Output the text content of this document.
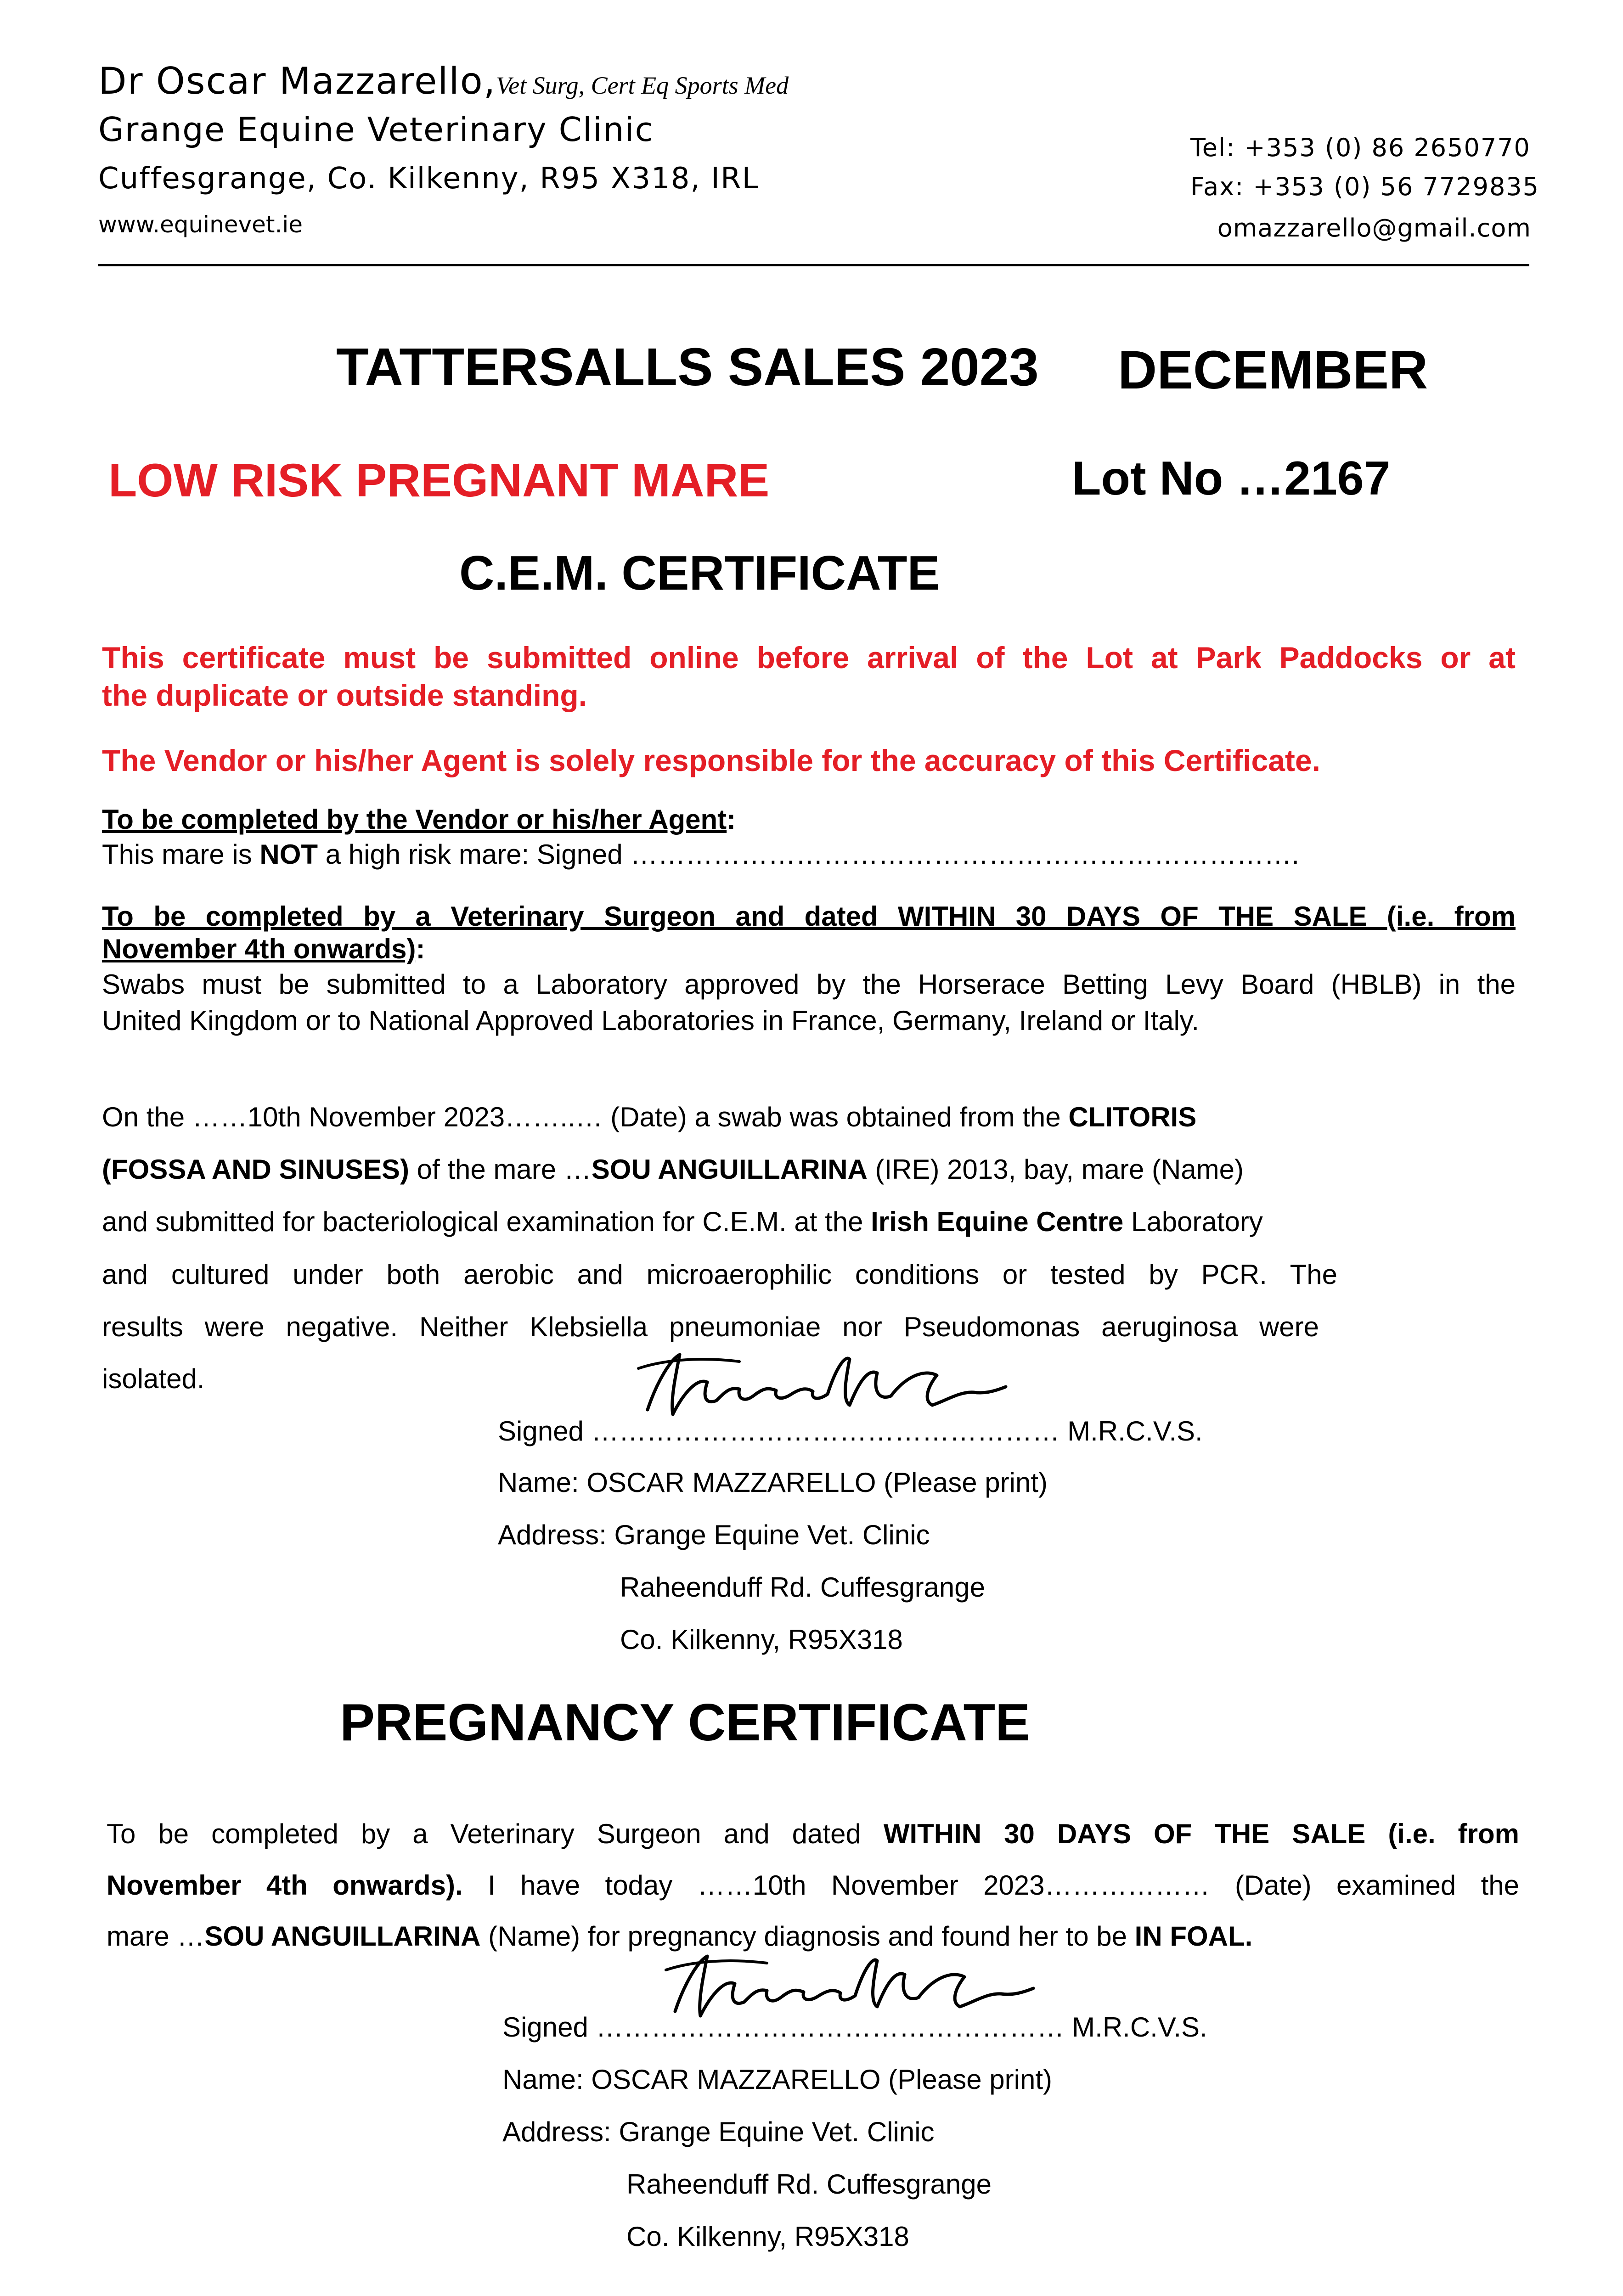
Dr Oscar Mazzarello,Vet Surg, Cert Eq Sports Med
Grange Equine Veterinary Clinic
Cuffesgrange, Co. Kilkenny, R95 X318, IRL
www.equinevet.ie
Tel: +353 (0) 86 2650770
Fax: +353 (0) 56 7729835
omazzarello@gmail.com
TATTERSALLS SALES 2023 DECEMBER
LOW RISK PREGNANT MARE	Lot No …2167
C.E.M. CERTIFICATE
This certificate must be submitted online before arrival of the Lot at Park Paddocks or at
the duplicate or outside standing.
The Vendor or his/her Agent is solely responsible for the accuracy of this Certificate.
To be completed by the Vendor or his/her Agent:
This mare is NOT a high risk mare: Signed ……………………………………………………………….
To be completed by a Veterinary Surgeon and dated WITHIN 30 DAYS OF THE SALE (i.e. from
November 4th onwards):
Swabs must be submitted to a Laboratory approved by the Horserace Betting Levy Board (HBLB) in the
United Kingdom or to National Approved Laboratories in France, Germany, Ireland or Italy.
On the ……10th November 2023……..… (Date) a swab was obtained from the CLITORIS
(FOSSA AND SINUSES) of the mare …SOU ANGUILLARINA (IRE) 2013, bay, mare (Name)
and submitted for bacteriological examination for C.E.M. at the Irish Equine Centre Laboratory
and cultured under both aerobic and microaerophilic conditions or tested by PCR. The
results were negative. Neither Klebsiella pneumoniae nor Pseudomonas aeruginosa were
isolated.
Signed …………………………………………… M.R.C.V.S.
Name: OSCAR MAZZARELLO (Please print)
Address: Grange Equine Vet. Clinic
Raheenduff Rd. Cuffesgrange
Co. Kilkenny, R95X318
PREGNANCY CERTIFICATE
To be completed by a Veterinary Surgeon and dated WITHIN 30 DAYS OF THE SALE (i.e. from
November 4th onwards). I have today ……10th November 2023……………… (Date) examined the
mare …SOU ANGUILLARINA (Name) for pregnancy diagnosis and found her to be IN FOAL.
Signed …………………………………………… M.R.C.V.S.
Name: OSCAR MAZZARELLO (Please print)
Address: Grange Equine Vet. Clinic
Raheenduff Rd. Cuffesgrange
Co. Kilkenny, R95X318
